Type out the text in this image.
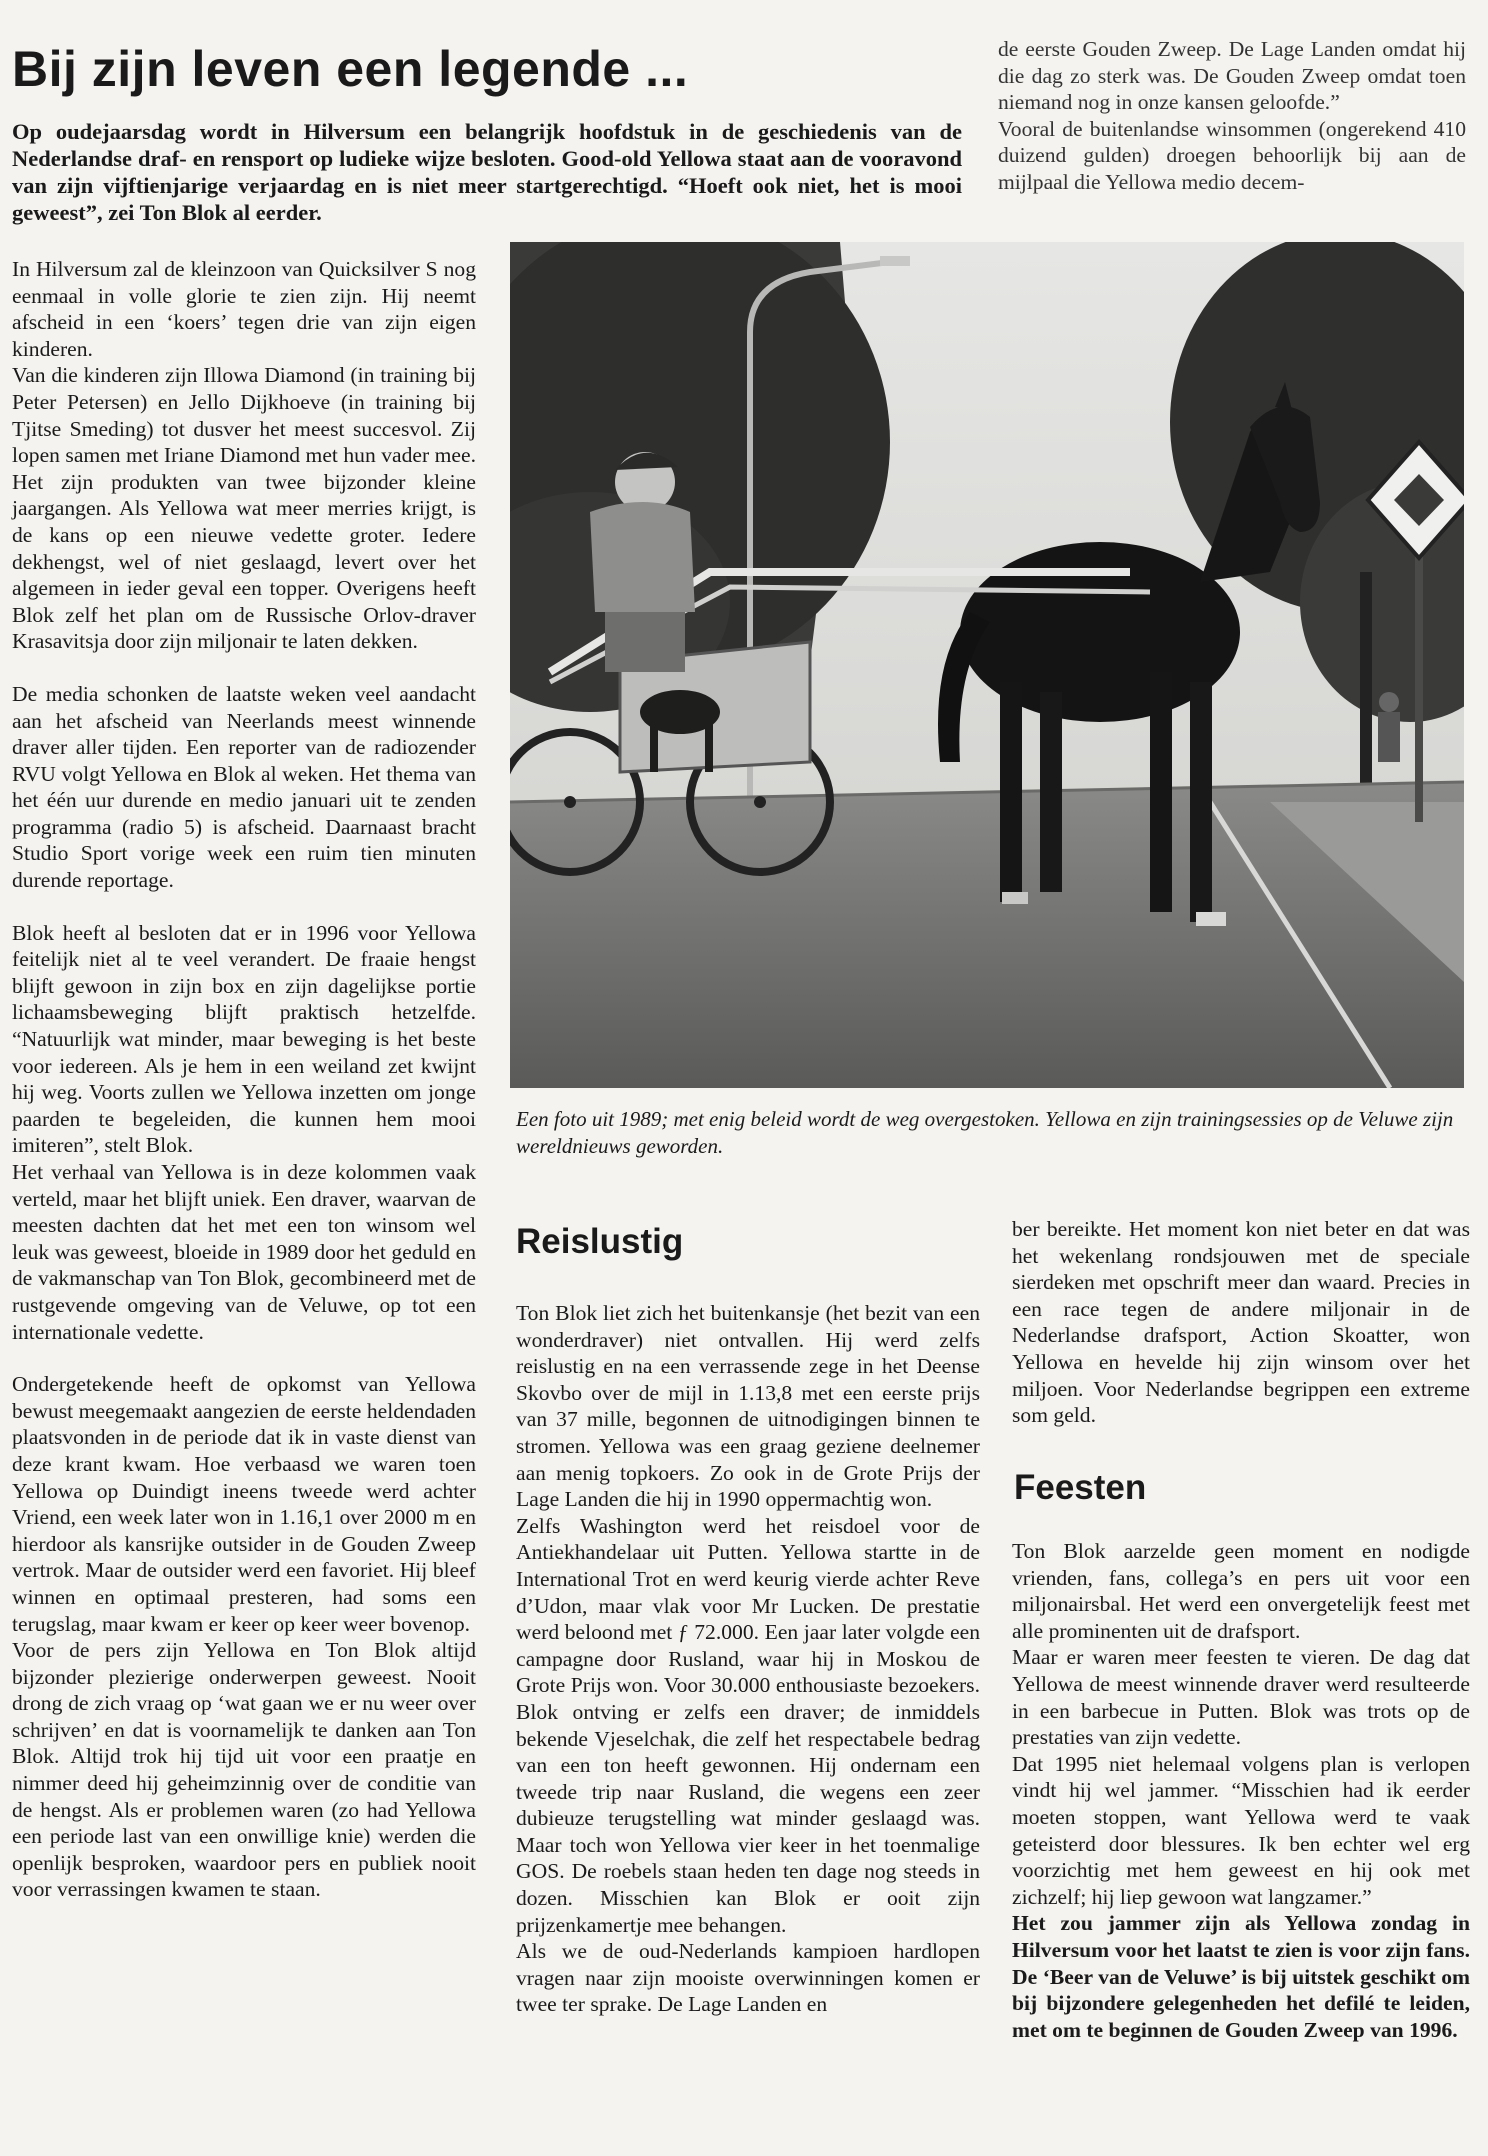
Bij zijn leven een legende ...
Op oudejaarsdag wordt in Hilversum een belangrijk hoofdstuk in de geschiedenis van de Nederlandse draf- en rensport op ludieke wijze besloten. Good-old Yellowa staat aan de vooravond van zijn vijftienjarige verjaardag en is niet meer startgerechtigd. “Hoeft ook niet, het is mooi geweest”, zei Ton Blok al eerder.

de eerste Gouden Zweep. De Lage Landen omdat hij die dag zo sterk was. De Gouden Zweep omdat toen niemand nog in onze kansen geloofde.”

Vooral de buitenlandse winsommen (ongerekend 410 duizend gulden) droegen behoorlijk bij aan de mijlpaal die Yellowa medio decem-

In Hilversum zal de kleinzoon van Quicksilver S nog eenmaal in volle glorie te zien zijn. Hij neemt afscheid in een ‘koers’ tegen drie van zijn eigen kinderen.

Van die kinderen zijn Illowa Diamond (in training bij Peter Petersen) en Jello Dijkhoeve (in training bij Tjitse Smeding) tot dusver het meest succesvol. Zij lopen samen met Iriane Diamond met hun vader mee. Het zijn produkten van twee bijzonder kleine jaargangen. Als Yellowa wat meer merries krijgt, is de kans op een nieuwe vedette groter. Iedere dekhengst, wel of niet geslaagd, levert over het algemeen in ieder geval een topper. Overigens heeft Blok zelf het plan om de Russische Orlov-draver Krasavitsja door zijn miljonair te laten dekken.

De media schonken de laatste weken veel aandacht aan het afscheid van Neerlands meest winnende draver aller tijden. Een reporter van de radiozender RVU volgt Yellowa en Blok al weken. Het thema van het één uur durende en medio januari uit te zenden programma (radio 5) is afscheid. Daarnaast bracht Studio Sport vorige week een ruim tien minuten durende reportage.

Blok heeft al besloten dat er in 1996 voor Yellowa feitelijk niet al te veel verandert. De fraaie hengst blijft gewoon in zijn box en zijn dagelijkse portie lichaamsbeweging blijft praktisch hetzelfde. “Natuurlijk wat minder, maar beweging is het beste voor iedereen. Als je hem in een weiland zet kwijnt hij weg. Voorts zullen we Yellowa inzetten om jonge paarden te begeleiden, die kunnen hem mooi imiteren”, stelt Blok.

Het verhaal van Yellowa is in deze kolommen vaak verteld, maar het blijft uniek. Een draver, waarvan de meesten dachten dat het met een ton winsom wel leuk was geweest, bloeide in 1989 door het geduld en de vakmanschap van Ton Blok, gecombineerd met de rustgevende omgeving van de Veluwe, op tot een internationale vedette.

Ondergetekende heeft de opkomst van Yellowa bewust meegemaakt aangezien de eerste heldendaden plaatsvonden in de periode dat ik in vaste dienst van deze krant kwam. Hoe verbaasd we waren toen Yellowa op Duindigt ineens tweede werd achter Vriend, een week later won in 1.16,1 over 2000 m en hierdoor als kansrijke outsider in de Gouden Zweep vertrok. Maar de outsider werd een favoriet. Hij bleef winnen en optimaal presteren, had soms een terugslag, maar kwam er keer op keer weer bovenop.

Voor de pers zijn Yellowa en Ton Blok altijd bijzonder plezierige onderwerpen geweest. Nooit drong de zich vraag op ‘wat gaan we er nu weer over schrijven’ en dat is voornamelijk te danken aan Ton Blok. Altijd trok hij tijd uit voor een praatje en nimmer deed hij geheimzinnig over de conditie van de hengst. Als er problemen waren (zo had Yellowa een periode last van een onwillige knie) werden die openlijk besproken, waardoor pers en publiek nooit voor verrassingen kwamen te staan.

Een foto uit 1989; met enig beleid wordt de weg overgestoken. Yellowa en zijn trainingsessies op de Veluwe zijn wereldnieuws geworden.
Reislustig

Ton Blok liet zich het buitenkansje (het bezit van een wonderdraver) niet ontvallen. Hij werd zelfs reislustig en na een verrassende zege in het Deense Skovbo over de mijl in 1.13,8 met een eerste prijs van 37 mille, begonnen de uitnodigingen binnen te stromen. Yellowa was een graag geziene deelnemer aan menig topkoers. Zo ook in de Grote Prijs der Lage Landen die hij in 1990 oppermachtig won.

Zelfs Washington werd het reisdoel voor de Antiekhandelaar uit Putten. Yellowa startte in de International Trot en werd keurig vierde achter Reve d’Udon, maar vlak voor Mr Lucken. De prestatie werd beloond met ƒ 72.000. Een jaar later volgde een campagne door Rusland, waar hij in Moskou de Grote Prijs won. Voor 30.000 enthousiaste bezoekers. Blok ontving er zelfs een draver; de inmiddels bekende Vjeselchak, die zelf het respectabele bedrag van een ton heeft gewonnen. Hij ondernam een tweede trip naar Rusland, die wegens een zeer dubieuze terugstelling wat minder geslaagd was. Maar toch won Yellowa vier keer in het toenmalige GOS. De roebels staan heden ten dage nog steeds in dozen. Misschien kan Blok er ooit zijn prijzenkamertje mee behangen.

Als we de oud-Nederlands kampioen hardlopen vragen naar zijn mooiste overwinningen komen er twee ter sprake. De Lage Landen en

ber bereikte. Het moment kon niet beter en dat was het wekenlang rondsjouwen met de speciale sierdeken met opschrift meer dan waard. Precies in een race tegen de andere miljonair in de Nederlandse drafsport, Action Skoatter, won Yellowa en hevelde hij zijn winsom over het miljoen. Voor Nederlandse begrippen een extreme som geld.

Feesten

Ton Blok aarzelde geen moment en nodigde vrienden, fans, collega’s en pers uit voor een miljonairsbal. Het werd een onvergetelijk feest met alle prominenten uit de drafsport.

Maar er waren meer feesten te vieren. De dag dat Yellowa de meest winnende draver werd resulteerde in een barbecue in Putten. Blok was trots op de prestaties van zijn vedette.

Dat 1995 niet helemaal volgens plan is verlopen vindt hij wel jammer. “Misschien had ik eerder moeten stoppen, want Yellowa werd te vaak geteisterd door blessures. Ik ben echter wel erg voorzichtig met hem geweest en hij ook met zichzelf; hij liep gewoon wat langzamer.”

Het zou jammer zijn als Yellowa zondag in Hilversum voor het laatst te zien is voor zijn fans. De ‘Beer van de Veluwe’ is bij uitstek geschikt om bij bijzondere gelegenheden het defilé te leiden, met om te beginnen de Gouden Zweep van 1996.
